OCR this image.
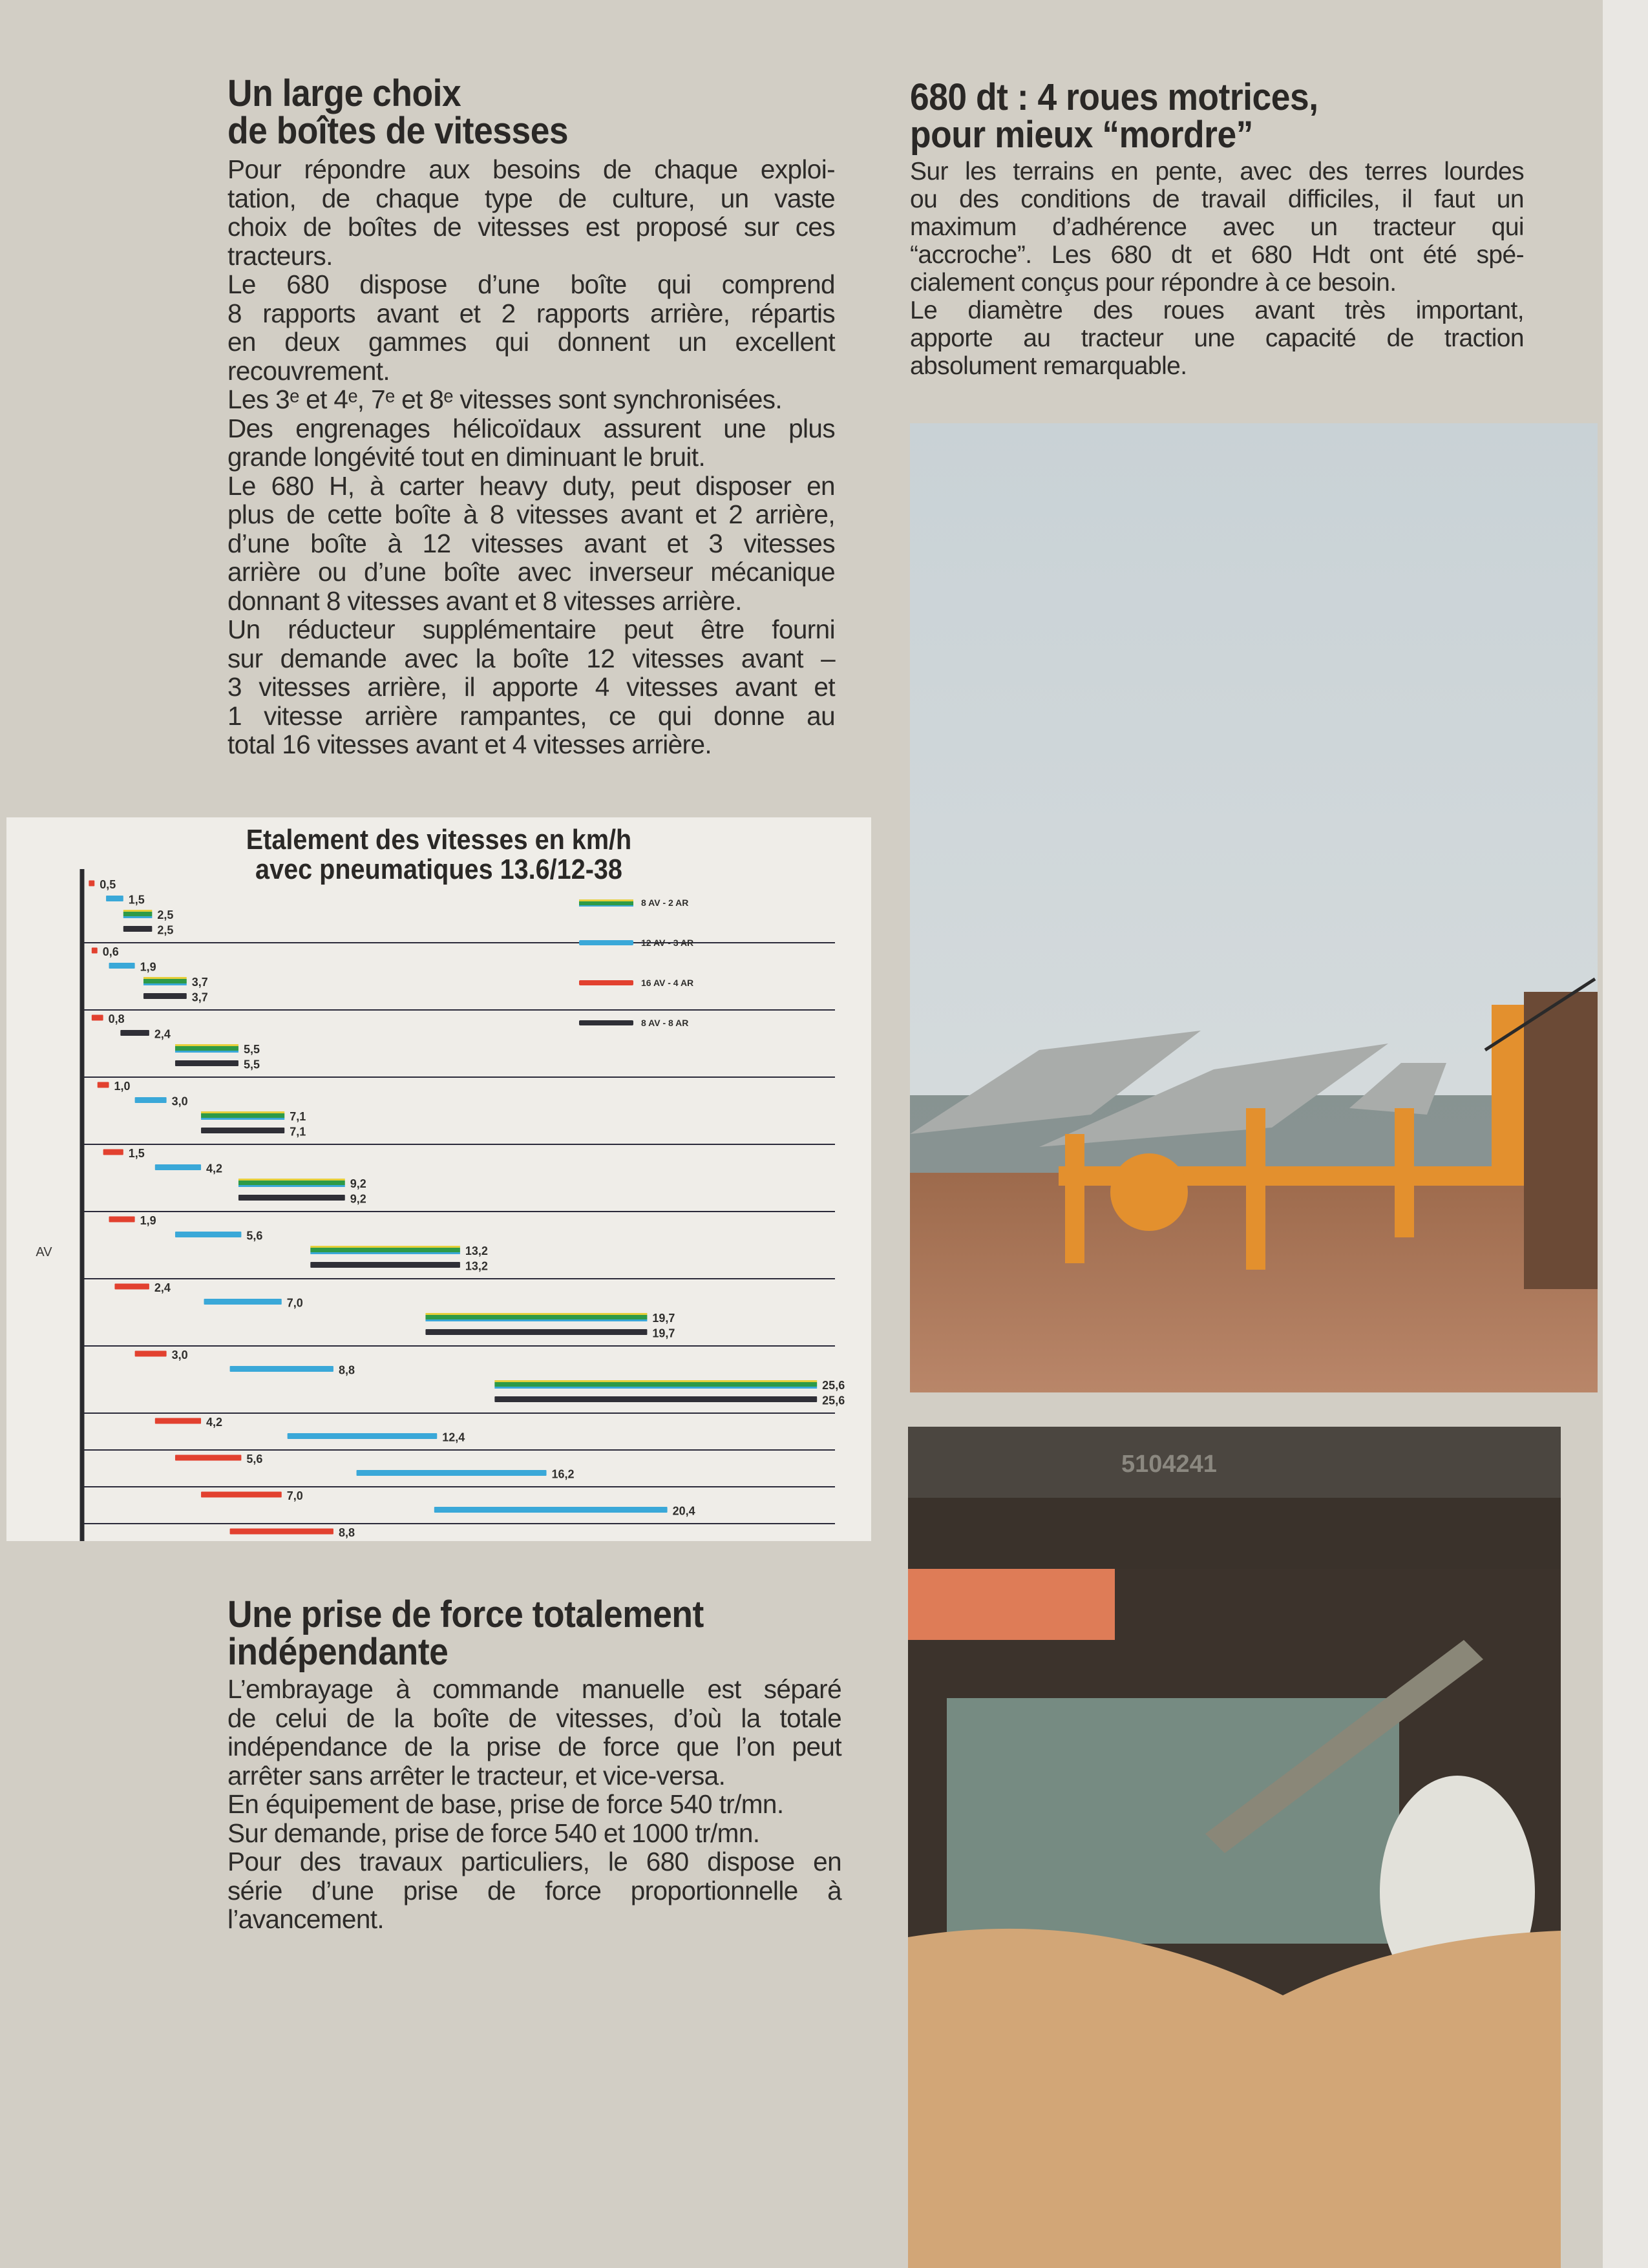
Un large choix
de boîtes de vitesses

Pour répondre aux besoins de chaque exploi-
tation, de chaque type de culture, un vaste
choix de boîtes de vitesses est proposé sur ces
tracteurs.
Le 680 dispose d’une boîte qui comprend
8 rapports avant et 2 rapports arrière, répartis
en deux gammes qui donnent un excellent
recouvrement.
Les 3ᵉ et 4ᵉ, 7ᵉ et 8ᵉ vitesses sont synchronisées.
Des engrenages hélicoïdaux assurent une plus
grande longévité tout en diminuant le bruit.
Le 680 H, à carter heavy duty, peut disposer en
plus de cette boîte à 8 vitesses avant et 2 arrière,
d’une boîte à 12 vitesses avant et 3 vitesses
arrière ou d’une boîte avec inverseur mécanique
donnant 8 vitesses avant et 8 vitesses arrière.
Un réducteur supplémentaire peut être fourni
sur demande avec la boîte 12 vitesses avant –
3 vitesses arrière, il apporte 4 vitesses avant et
1 vitesse arrière rampantes, ce qui donne au
total 16 vitesses avant et 4 vitesses arrière.

680 dt : 4 roues motrices,
pour mieux “mordre”

Sur les terrains en pente, avec des terres lourdes
ou des conditions de travail difficiles, il faut un
maximum d’adhérence avec un tracteur qui
“accroche”. Les 680 dt et 680 Hdt ont été spé-
cialement conçus pour répondre à ce besoin.
Le diamètre des roues avant très important,
apporte au tracteur une capacité de traction
absolument remarquable.

Etalement des vitesses en km/h
avec pneumatiques 13.6/12-38
0,5
1,5
2,5
2,5
0,6
1,9
3,7
3,7
0,8
2,4
5,5
5,5
1,0
3,0
7,1
7,1
1,5
4,2
9,2
9,2
1,9
5,6
13,2
13,2
2,4
7,0
19,7
19,7
3,0
8,8
25,6
25,6
4,2
12,4
5,6
16,2
7,0
20,4
8,8
AV
8 AV - 2 AR
12 AV - 3 AR
16 AV - 4 AR
8 AV - 8 AR
Une prise de force totalement
indépendante

L’embrayage à commande manuelle est séparé
de celui de la boîte de vitesses, d’où la totale
indépendance de la prise de force que l’on peut
arrêter sans arrêter le tracteur, et vice-versa.
En équipement de base, prise de force 540 tr/mn.
Sur demande, prise de force 540 et 1000 tr/mn.
Pour des travaux particuliers, le 680 dispose en
série d’une prise de force proportionnelle à
l’avancement.

5104241
